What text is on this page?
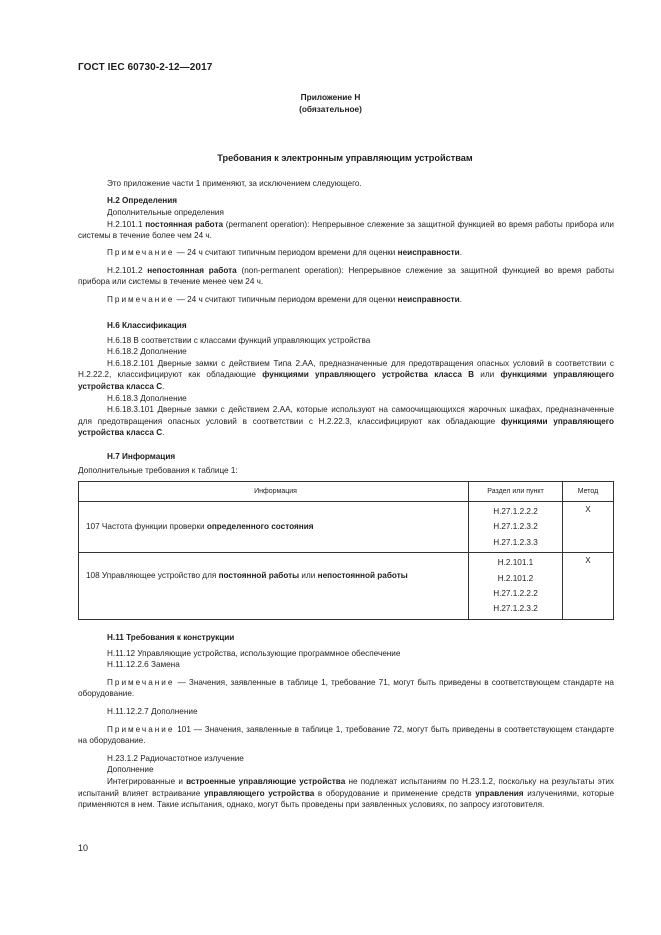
ГОСТ IEC 60730-2-12—2017
Приложение Н
(обязательное)
Требования к электронным управляющим устройствам

Это приложение части 1 применяют, за исключением следующего.

Н.2 Определения

Дополнительные определения

Н.2.101.1 постоянная работа (permanent operation): Непрерывное слежение за защитной функцией во время работы прибора или системы в течение более чем 24 ч.

Примечание — 24 ч считают типичным периодом времени для оценки неисправности.

Н.2.101.2 непостоянная работа (non-permanent operation): Непрерывное слежение за защитной функцией во время работы прибора или системы в течение менее чем 24 ч.

Примечание — 24 ч считают типичным периодом времени для оценки неисправности.

Н.6 Классификация

Н.6.18 В соответствии с классами функций управляющих устройства

Н.6.18.2 Дополнение

Н.6.18.2.101 Дверные замки с действием Типа 2.АА, предназначенные для предотвращения опасных условий в соответствии с Н.2.22.2, классифицируют как обладающие функциями управляющего устройства класса В или функциями управляющего устройства класса С.

Н.6.18.3 Дополнение

Н.6.18.3.101 Дверные замки с действием 2.АА, которые используют на самоочищающихся жарочных шкафах, предназначенные для предотвращения опасных условий в соответствии с Н.2.22.3, классифицируют как обладающие функциями управляющего устройства класса С.

Н.7 Информация

Дополнительные требования к таблице 1:

Информация	Раздел или пункт	Метод
107 Частота функции проверки определенного состояния	Н.27.1.2.2.2
Н.27.1.2.3.2
Н.27.1.2.3.3	X
108 Управляющее устройство для постоянной работы или непостоянной работы	Н.2.101.1
Н.2.101.2
Н.27.1.2.2.2
Н.27.1.2.3.2	X

Н.11 Требования к конструкции

Н.11.12 Управляющие устройства, использующие программное обеспечение

Н.11.12.2.6 Замена

Примечание — Значения, заявленные в таблице 1, требование 71, могут быть приведены в соответствующем стандарте на оборудование.

Н.11.12.2.7 Дополнение

Примечание 101 — Значения, заявленные в таблице 1, требование 72, могут быть приведены в соответствующем стандарте на оборудование.

Н.23.1.2 Радиочастотное излучение

Дополнение

Интегрированные и встроенные управляющие устройства не подлежат испытаниям по Н.23.1.2, поскольку на результаты этих испытаний влияет встраивание управляющего устройства в оборудование и применение средств управления излучениями, которые применяются в нем. Такие испытания, однако, могут быть проведены при заявленных условиях, по запросу изготовителя.

10
